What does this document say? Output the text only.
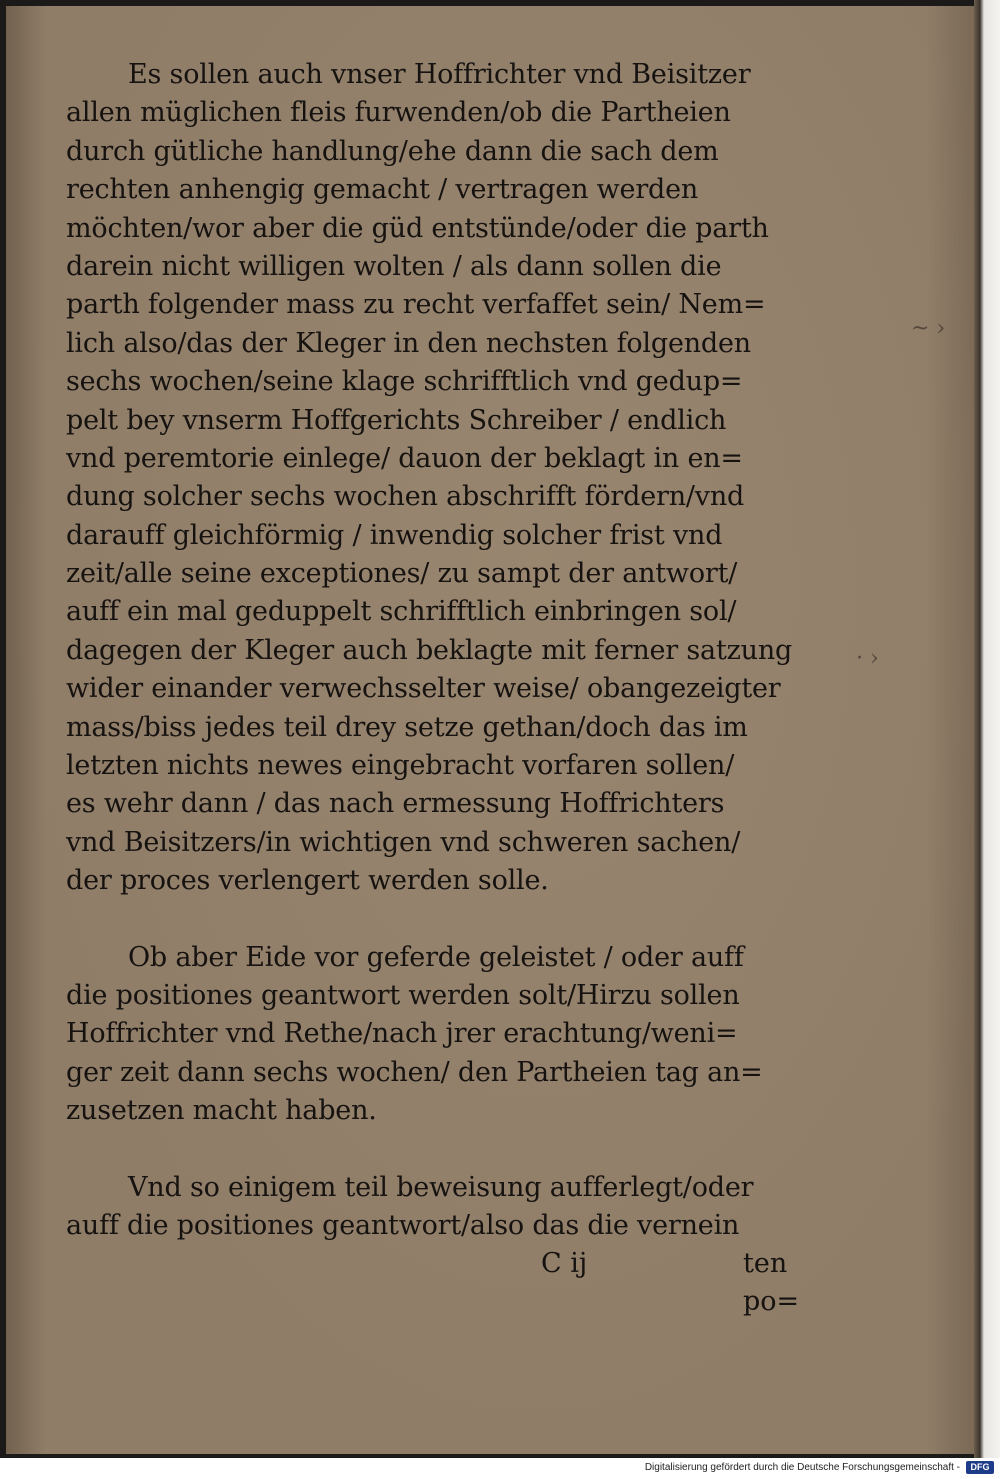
Es sollen auch vnser Hoffrichter vnd Beisitzer
allen müglichen fleis furwenden/ob die Partheien
durch gütliche handlung/ehe dann die sach dem
rechten anhengig gemacht / vertragen werden
möchten/wor aber die güd entstünde/oder die parth
darein nicht willigen wolten / als dann sollen die
parth folgender mass zu recht verfaffet sein/ Nem=
lich also/das der Kleger in den nechsten folgenden
sechs wochen/seine klage schrifftlich vnd gedup=
pelt bey vnserm Hoffgerichts Schreiber / endlich
vnd peremtorie einlege/ dauon der beklagt in en=
dung solcher sechs wochen abschrifft fördern/vnd
darauff gleichförmig / inwendig solcher frist vnd
zeit/alle seine exceptiones/ zu sampt der antwort/
auff ein mal geduppelt schrifftlich einbringen sol/
dagegen der Kleger auch beklagte mit ferner satzung
wider einander verwechsselter weise/ obangezeigter
mass/biss jedes teil drey setze gethan/doch das im
letzten nichts newes eingebracht vorfaren sollen/
es wehr dann / das nach ermessung Hoffrichters
vnd Beisitzers/in wichtigen vnd schweren sachen/
der proces verlengert werden solle.
Ob aber Eide vor geferde geleistet / oder auff
die positiones geantwort werden solt/Hirzu sollen
Hoffrichter vnd Rethe/nach jrer erachtung/weni=
ger zeit dann sechs wochen/ den Partheien tag an=
zusetzen macht haben.
Vnd so einigem teil beweisung aufferlegt/oder
auff die positiones geantwort/also das die vernein
C ij	ten po=
~ ›
· ›
Digitalisierung gefördert durch die Deutsche Forschungsgemeinschaft -	DFG
